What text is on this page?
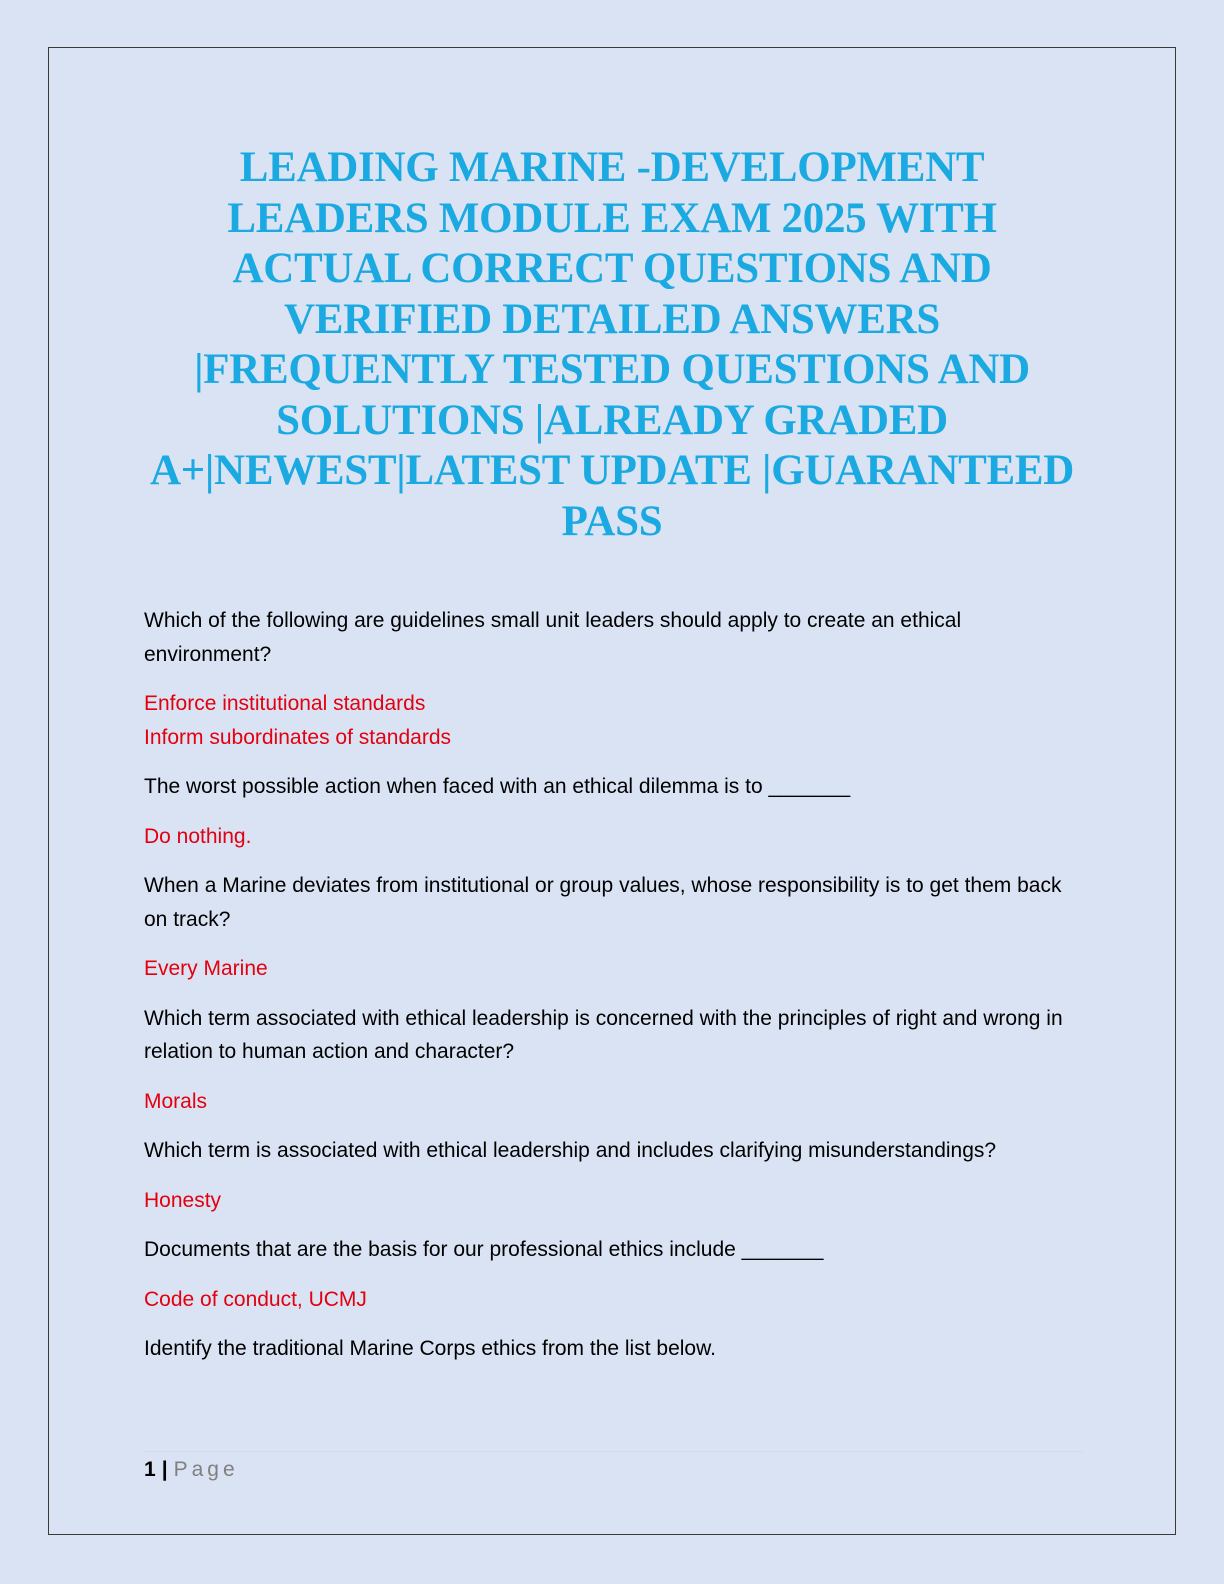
LEADING MARINE -DEVELOPMENT
LEADERS MODULE EXAM 2025 WITH
ACTUAL CORRECT QUESTIONS AND
VERIFIED DETAILED ANSWERS
|FREQUENTLY TESTED QUESTIONS AND
SOLUTIONS |ALREADY GRADED
A+|NEWEST|LATEST UPDATE |GUARANTEED
PASS

Which of the following are guidelines small unit leaders should apply to create an ethical environment?

Enforce institutional standards
Inform subordinates of standards

The worst possible action when faced with an ethical dilemma is to _______

Do nothing.

When a Marine deviates from institutional or group values, whose responsibility is to get them back on track?

Every Marine

Which term associated with ethical leadership is concerned with the principles of right and wrong in relation to human action and character?

Morals

Which term is associated with ethical leadership and includes clarifying misunderstandings?

Honesty

Documents that are the basis for our professional ethics include _______

Code of conduct, UCMJ

Identify the traditional Marine Corps ethics from the list below.

1 | Page
